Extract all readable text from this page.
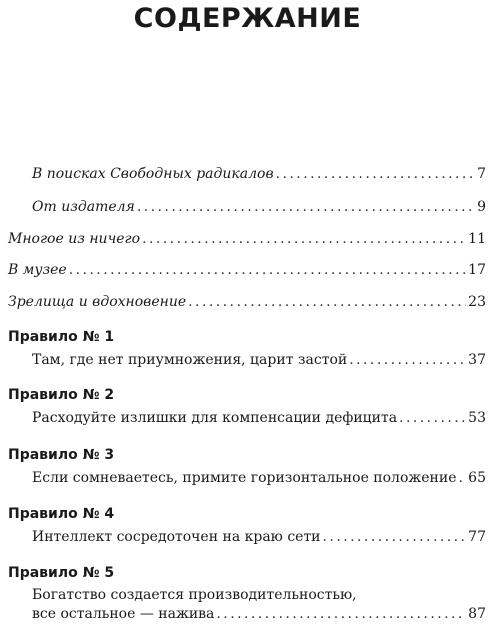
СОДЕРЖАНИЕ
В поисках Свободных радикалов . . .	7
От издателя . . .	9
Многое из ничего . . .	11
В музее . . .	17
Зрелища и вдохновение . . .	23
Правило № 1
Там, где нет приумножения, царит застой . . .	37
Правило № 2
Расходуйте излишки для компенсации дефицита . . .	53
Правило № 3
Если сомневаетесь, примите горизонтальное положение . . . 65
Правило № 4
Интеллект сосредоточен на краю сети . . .	77
Правило № 5
Богатство создается производительностью,
все остальное — нажива . . .	87
